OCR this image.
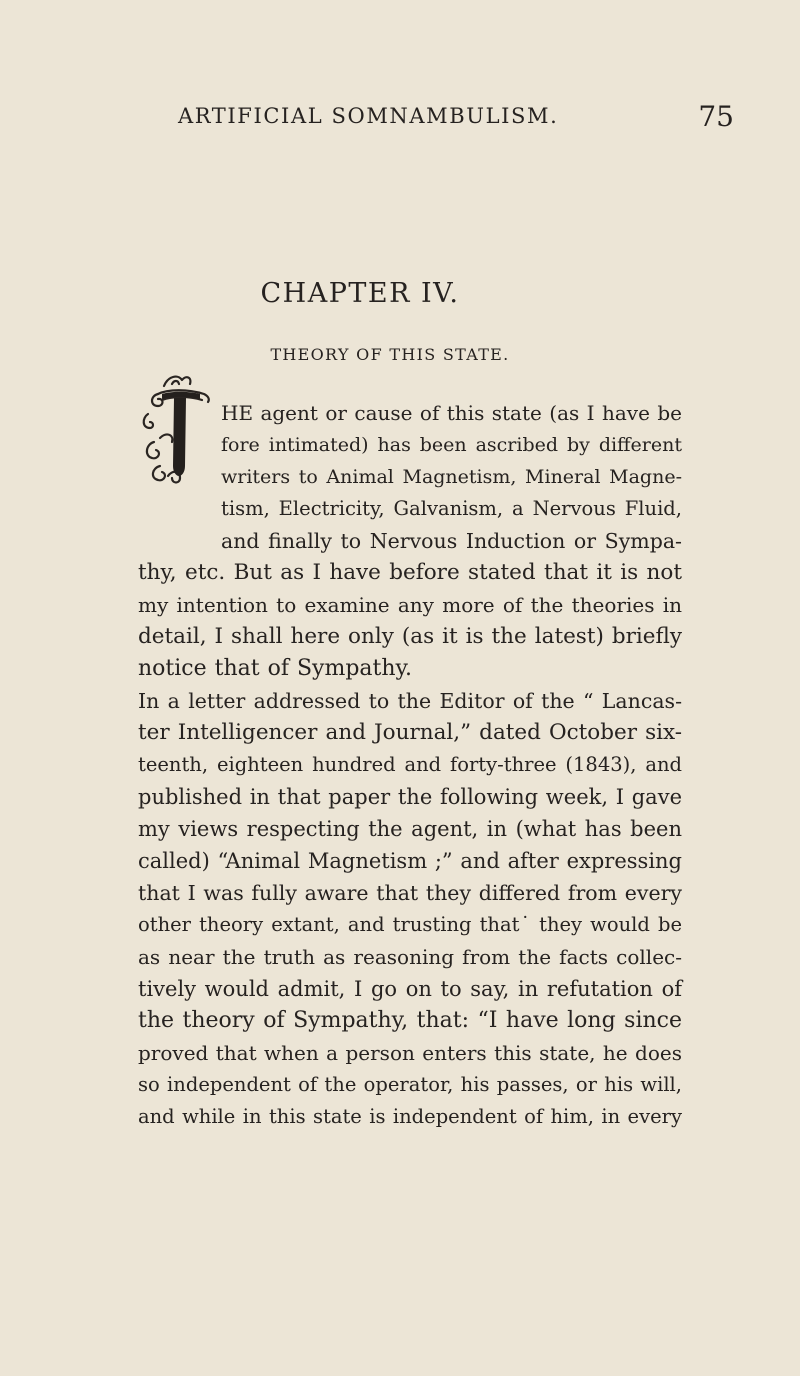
ARTIFICIAL SOMNAMBULISM.	75
CHAPTER IV.
THEORY OF THIS STATE.
HE agent or cause of this state (as I have be
fore intimated) has been ascribed by different
writers to Animal Magnetism, Mineral Magne-
tism, Electricity, Galvanism, a Nervous Fluid,
and finally to Nervous Induction or Sympa-
thy, etc. But as I have before stated that it is not
my intention to examine any more of the theories in
detail, I shall here only (as it is the latest) briefly
notice that of Sympathy.
In a letter addressed to the Editor of the “ Lancas-
ter Intelligencer and Journal,” dated October six-
teenth, eighteen hundred and forty-three (1843), and
published in that paper the following week, I gave
my views respecting the agent, in (what has been
called) “Animal Magnetism ;” and after expressing
that I was fully aware that they differed from every
other theory extant, and trusting that˙ they would be
as near the truth as reasoning from the facts collec-
tively would admit, I go on to say, in refutation of
the theory of Sympathy, that: “I have long since
proved that when a person enters this state, he does
so independent of the operator, his passes, or his will,
and while in this state is independent of him, in every
